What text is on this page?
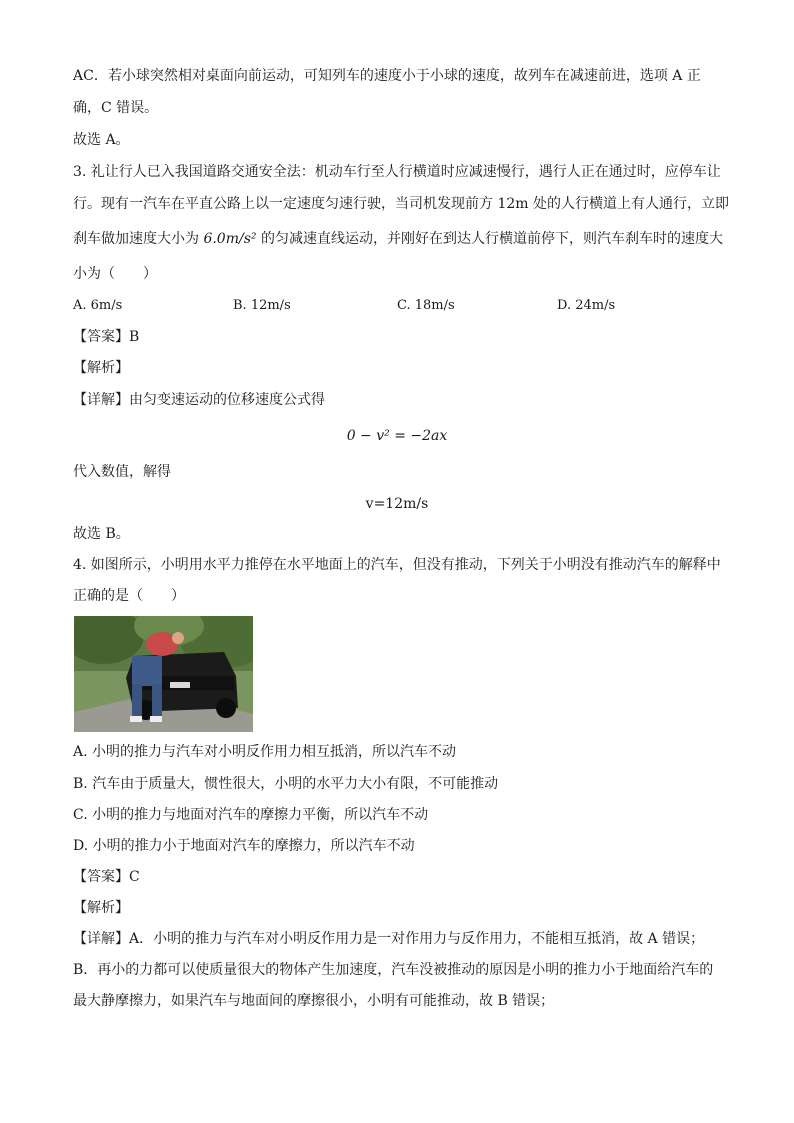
AC．若小球突然相对桌面向前运动，可知列车的速度小于小球的速度，故列车在减速前进，选项 A 正
确，C 错误。
故选 A。
3. 礼让行人已入我国道路交通安全法：机动车行至人行横道时应减速慢行，遇行人正在通过时，应停车让
行。现有一汽车在平直公路上以一定速度匀速行驶，当司机发现前方 12m 处的人行横道上有人通行，立即
刹车做加速度大小为 6.0m/s² 的匀减速直线运动，并刚好在到达人行横道前停下，则汽车刹车时的速度大
小为（　　）
A. 6m/s	B. 12m/s	C. 18m/s	D. 24m/s
【答案】B
【解析】
【详解】由匀变速运动的位移速度公式得
0 − v² = −2ax
代入数值，解得
v=12m/s
故选 B。
4. 如图所示，小明用水平力推停在水平地面上的汽车，但没有推动，下列关于小明没有推动汽车的解释中
正确的是（　　）
A. 小明的推力与汽车对小明反作用力相互抵消，所以汽车不动
B. 汽车由于质量大，惯性很大，小明的水平力大小有限，不可能推动
C. 小明的推力与地面对汽车的摩擦力平衡，所以汽车不动
D. 小明的推力小于地面对汽车的摩擦力，所以汽车不动
【答案】C
【解析】
【详解】A．小明的推力与汽车对小明反作用力是一对作用力与反作用力，不能相互抵消，故 A 错误；
B．再小的力都可以使质量很大的物体产生加速度，汽车没被推动的原因是小明的推力小于地面给汽车的
最大静摩擦力，如果汽车与地面间的摩擦很小，小明有可能推动，故 B 错误；
